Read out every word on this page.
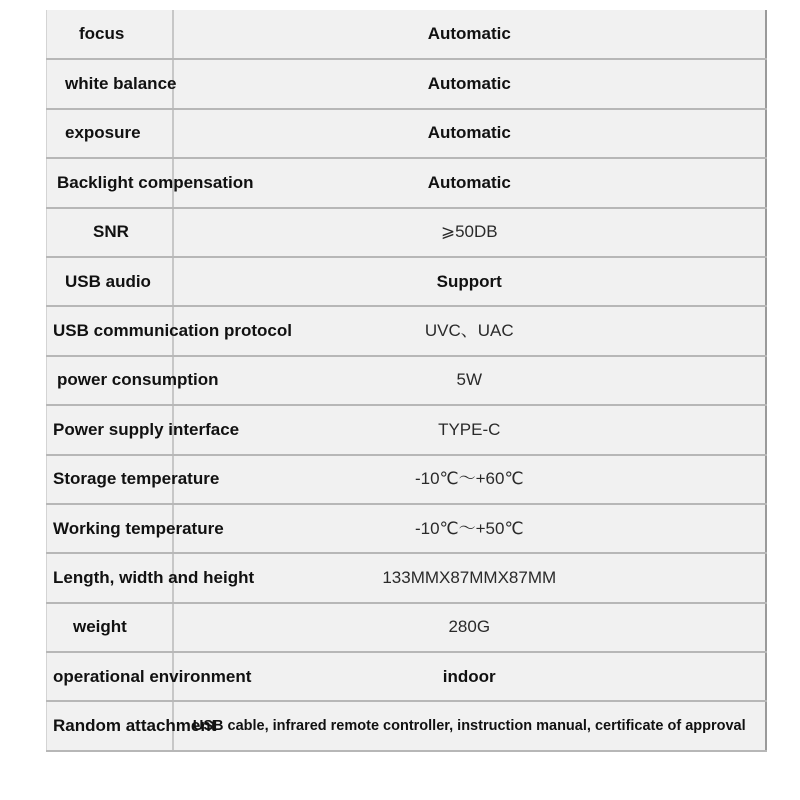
focus	Automatic
white balance	Automatic
exposure	Automatic
Backlight compensation	Automatic
SNR	⩾50DB
USB audio	Support
USB communication protocol	UVC、UAC
power consumption	5W
Power supply interface	TYPE-C
Storage temperature	-10℃～+60℃
Working temperature	-10℃～+50℃
Length, width and height	133MMX87MMX87MM
weight	280G
operational environment	indoor
Random attachment	USB cable, infrared remote controller, instruction manual, certificate of approval
